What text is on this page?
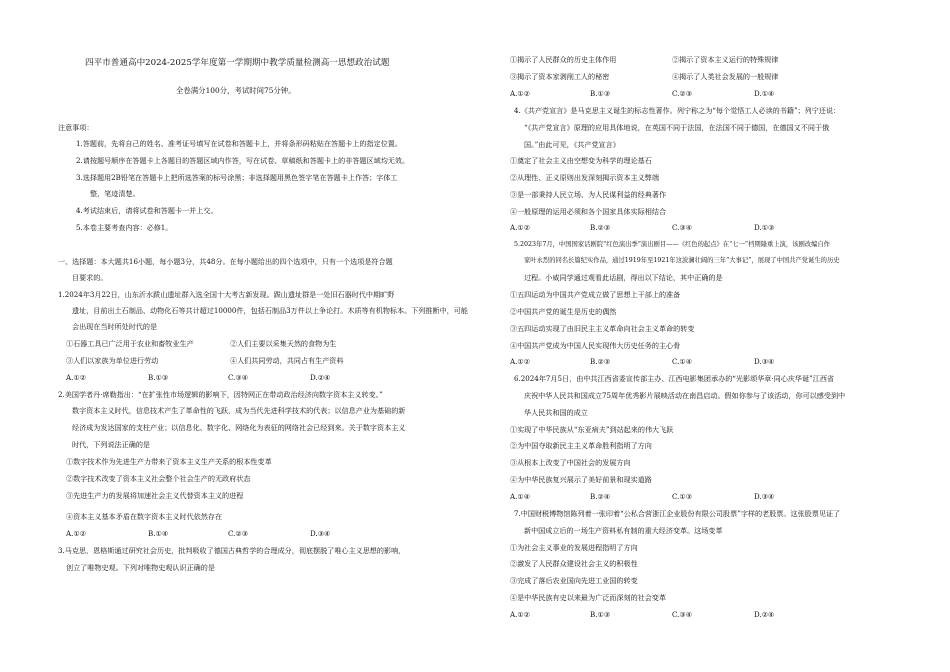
四平市普通高中2024-2025学年度第一学期期中教学质量检测高一思想政治试题
全卷满分100分，考试时间75分钟。

注意事项：

1.答题前，先将自己的姓名、准考证号填写在试卷和答题卡上，并将条形码粘贴在答题卡上的指定位置。

2.请按题号顺序在答题卡上各题目的答题区域内作答，写在试卷、草稿纸和答题卡上的非答题区域均无效。

3.选择题用2B铅笔在答题卡上把所选答案的标号涂黑；非选择题用黑色签字笔在答题卡上作答；字体工

整，笔迹清楚。

4.考试结束后，请将试卷和答题卡一并上交。

5.本卷主要考查内容：必修1。

一、选择题：本大题共16小题，每小题3分，共48分。在每小题给出的四个选项中，只有一个选项是符合题

目要求的。

1.2024年3月22日，山东沂水跋山遗址群入选全国十大考古新发现。跋山遗址群是一处旧石器时代中期旷野

遗址，目前出土石制品、动物化石等共计超过10000件，包括石制品3万件以上争论打。木质等有机物标本。下列推断中，可能

会出现在当时所处时代的是

①石器工具已广泛用于农业和畜牧业生产	②人们主要以采集天然的食物为生

③人们以家族为单位进行劳动	④人们共同劳动，共同占有生产资料

A.①②	B.①③	C.③④	D.②④

2.美国学者丹·席勒指出：“在扩张性市场逻辑的影响下，因特网正在带动政治经济向数字资本主义转变。”

数字资本主义时代，信息技术产生了革命性的飞跃，成为当代先进科学技术的代表；以信息产业为基础的新

经济成为发达国家的支柱产业；以信息化、数字化、网络化为表征的网络社会已经到来。关于数字资本主义

时代，下列说法正确的是

①数字技术作为先进生产力带来了资本主义生产关系的根本性变革

②数字技术改变了资本主义社会整个社会生产的无政府状态

③先进生产力的发展将加速社会主义代替资本主义的进程

④资本主义基本矛盾在数字资本主义时代依然存在

A.①②	B.①④	C.②③	D.③④

3.马克思，恩格斯通过研究社会历史，批判吸收了德国古典哲学的合理成分，彻底摆脱了唯心主义思想的影响，

创立了唯物史观。下列对唯物史观认识正确的是

①揭示了人民群众的历史主体作用	②揭示了资本主义运行的特殊规律

③揭示了资本家剥削工人的秘密	④揭示了人类社会发展的一般规律

A.①②	B.①③	C.②③	D.①④

4.《共产党宣言》是马克思主义诞生的标志性著作。列宁称之为“每个觉悟工人必读的书籍”；列宁还说：

“《共产党宣言》原理的应用具体地说，在英国不同于法国，在法国不同于德国，在德国又不同于俄

国。”由此可见，《共产党宣言》

①奠定了社会主义由空想变为科学的理论基石

②从理性、正义原则出发深刻揭示资本主义弊端

③是一部秉持人民立场、为人民谋利益的经典著作

④一般原理的运用必须和各个国家具体实际相结合

A.①②	B.②③	C.③④	D.①③

5.2023年7月，中国国家话剧院“红色演出季”演出剧目——《红色的起点》在“七一”档期隆重上演，该剧改编自作

家叶永烈的同名长篇纪实作品，通过1919年至1921年这波澜壮阔的三年“大事记”，展现了中国共产党诞生的历史

过程。小威同学通过观看此话剧，得出以下结论，其中正确的是

①五四运动为中国共产党成立做了思想上干部上的准备

②中国共产党的诞生是历史的偶然

③五四运动实现了由旧民主主义革命向社会主义革命的转变

④中国共产党成为中国人民实现伟大历史任务的主心骨

A.①②	B.②③	C.①④	D.③④

6.2024年7月5日，由中共江西省委宣传部主办、江西电影集团承办的“光影颂华章·同心庆华诞”江西省

庆祝中华人民共和国成立75周年优秀影片展映活动在南昌启动。假如你参与了该活动，你可以感受到中

华人民共和国的成立

①实现了中华民族从“东亚病夫”到站起来的伟大飞跃

②为中国夺取新民主主义革命胜利指明了方向

③从根本上改变了中国社会的发展方向

④为中华民族复兴展示了美好前景和现实道路

A.①④	B.②④	C.①③	D.③④

7.中国财税博物馆陈列着一张印着“公私合营浙江企业股份有限公司股票”字样的老股票。这张股票见证了

新中国成立后的一场生产资料私有制的重大经济变革。这场变革

①为社会主义事业的发展进程指明了方向

②激发了人民群众建设社会主义的积极性

③完成了落后农业国向先进工业国的转变

④是中华民族有史以来最为广泛而深刻的社会变革

A.①②	B.①③	C.③④	D.②④
